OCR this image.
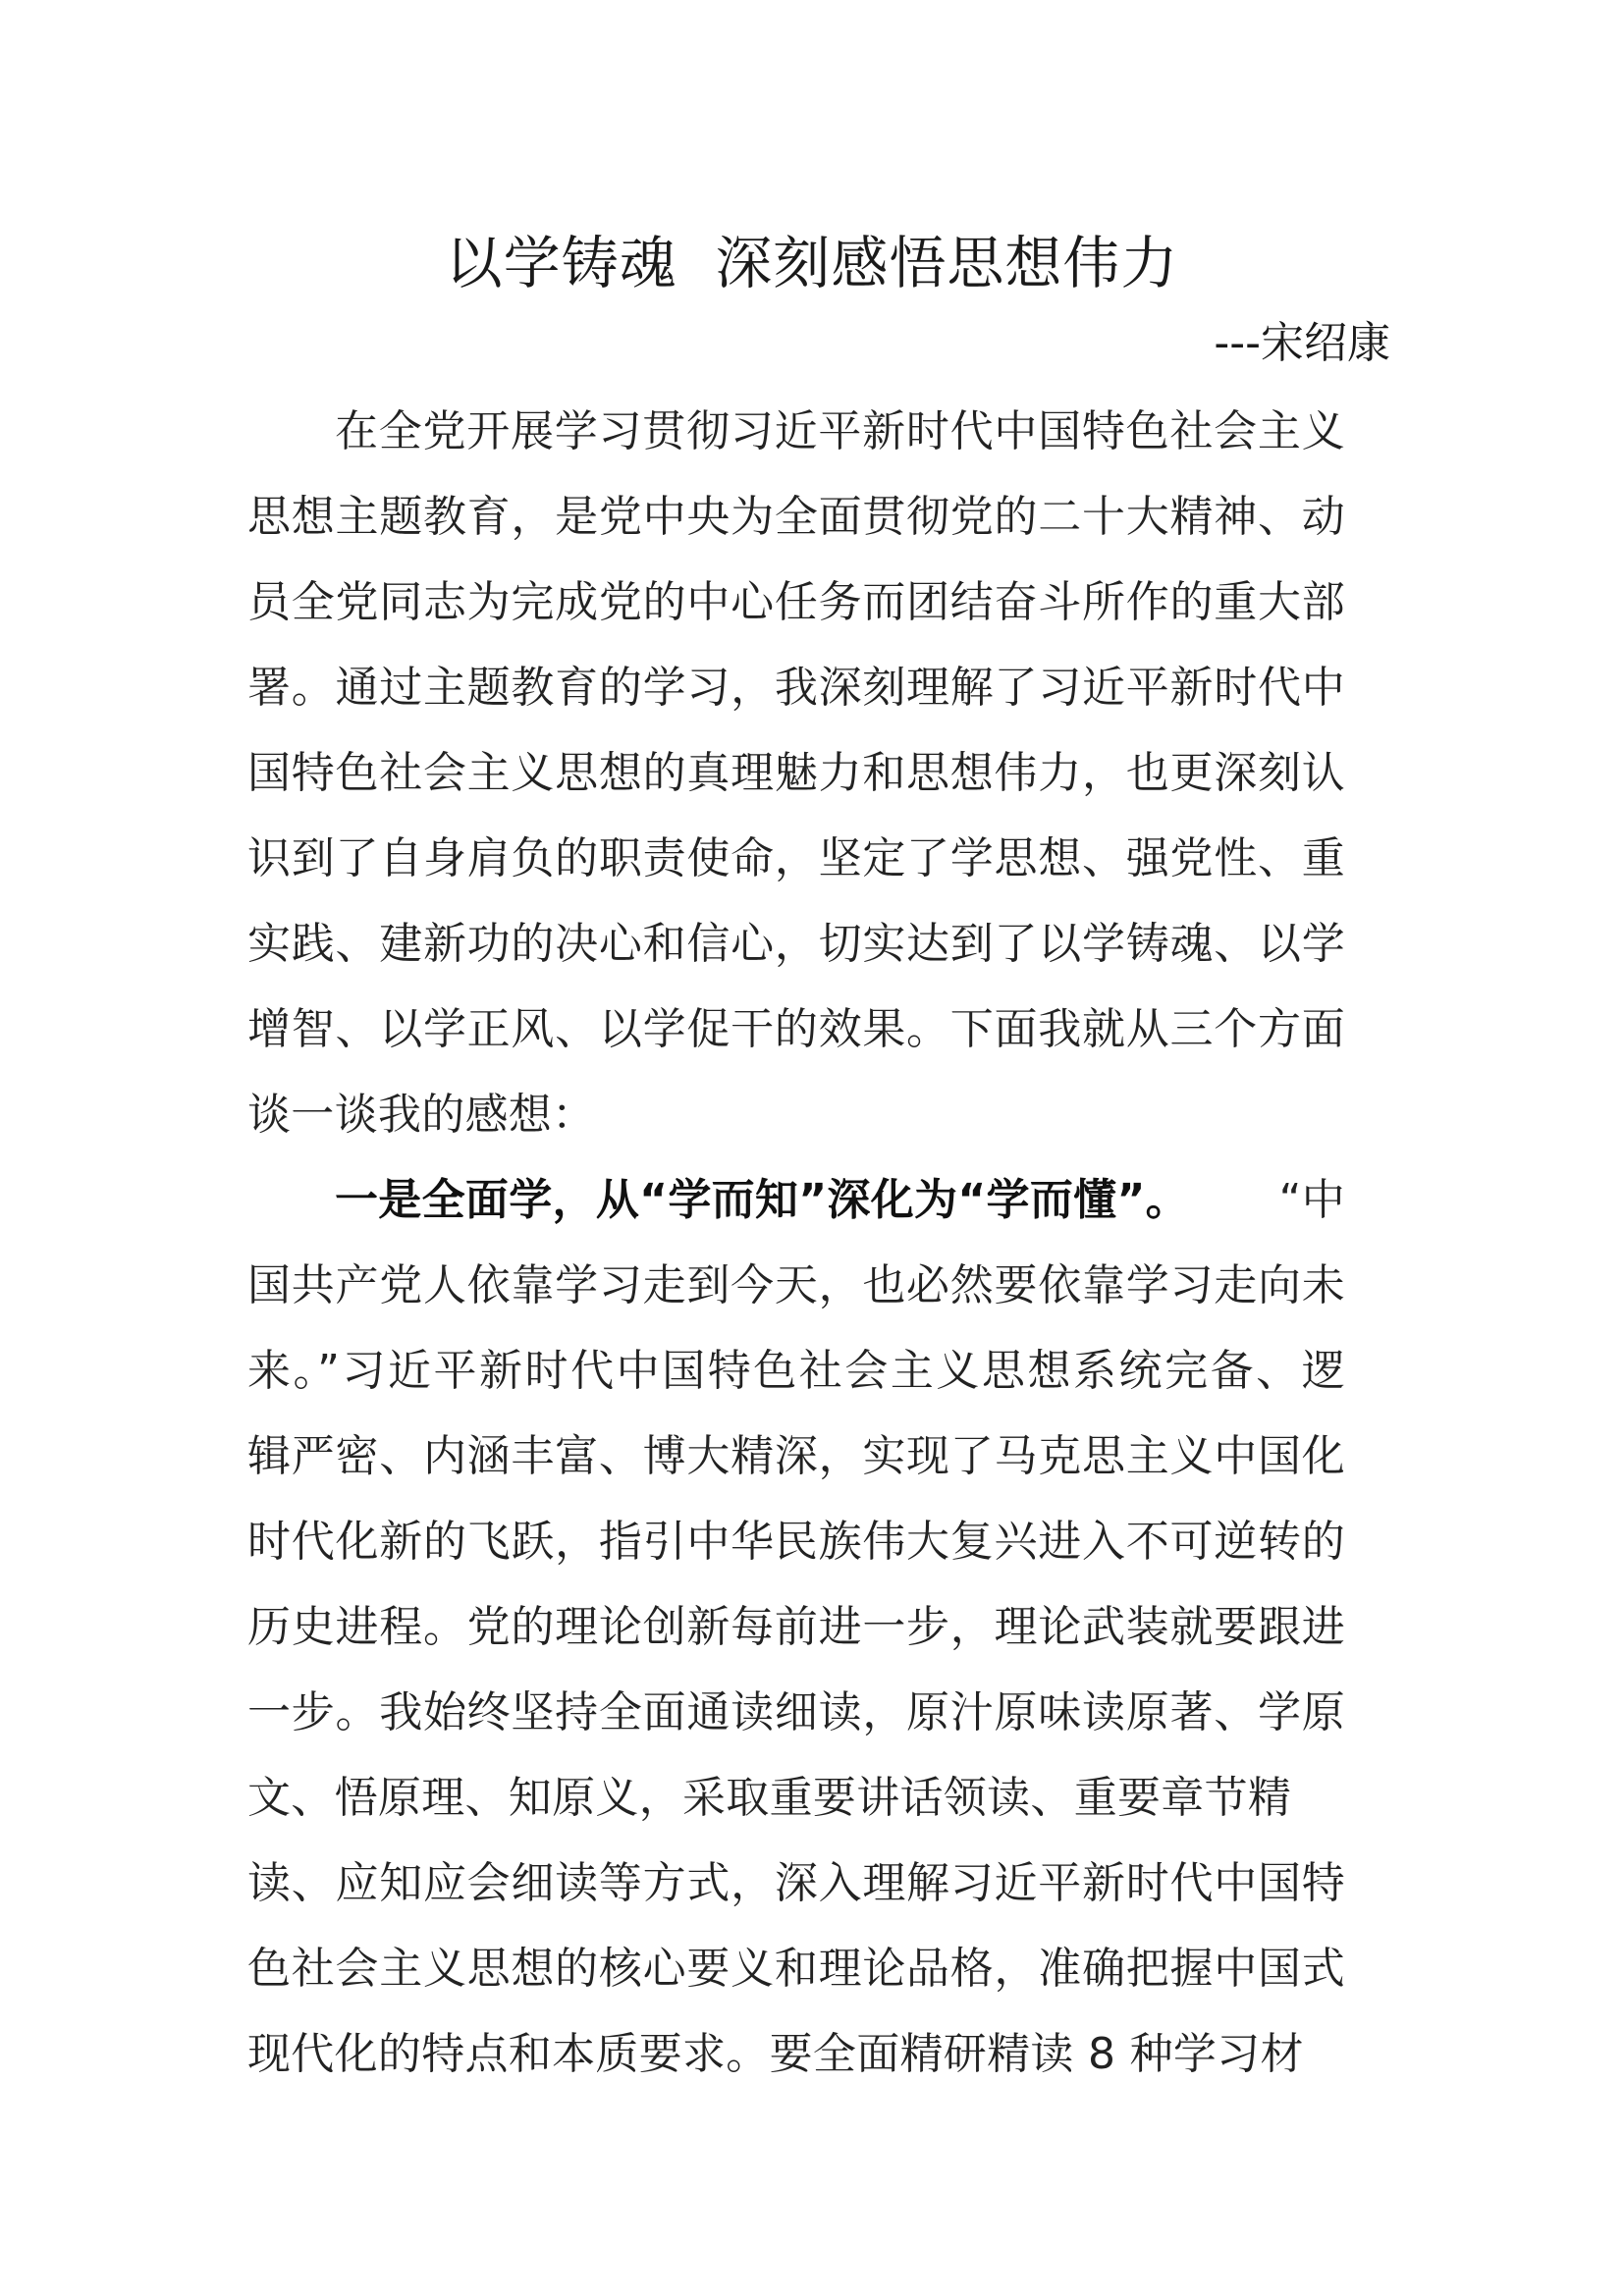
以学铸魂  深刻感悟思想伟力
---宋绍康
在全党开展学习贯彻习近平新时代中国特色社会主义
思想主题教育，是党中央为全面贯彻党的二十大精神、动
员全党同志为完成党的中心任务而团结奋斗所作的重大部
署。通过主题教育的学习，我深刻理解了习近平新时代中
国特色社会主义思想的真理魅力和思想伟力，也更深刻认
识到了自身肩负的职责使命，坚定了学思想、强党性、重
实践、建新功的决心和信心，切实达到了以学铸魂、以学
增智、以学正风、以学促干的效果。下面我就从三个方面
谈一谈我的感想：
一是全面学，从“学而知”深化为“学而懂”。 “中
国共产党人依靠学习走到今天，也必然要依靠学习走向未
来。”习近平新时代中国特色社会主义思想系统完备、逻
辑严密、内涵丰富、博大精深，实现了马克思主义中国化
时代化新的飞跃，指引中华民族伟大复兴进入不可逆转的
历史进程。党的理论创新每前进一步，理论武装就要跟进
一步。我始终坚持全面通读细读，原汁原味读原著、学原
文、悟原理、知原义，采取重要讲话领读、重要章节精
读、应知应会细读等方式，深入理解习近平新时代中国特
色社会主义思想的核心要义和理论品格，准确把握中国式
现代化的特点和本质要求。要全面精研精读 8 种学习材
